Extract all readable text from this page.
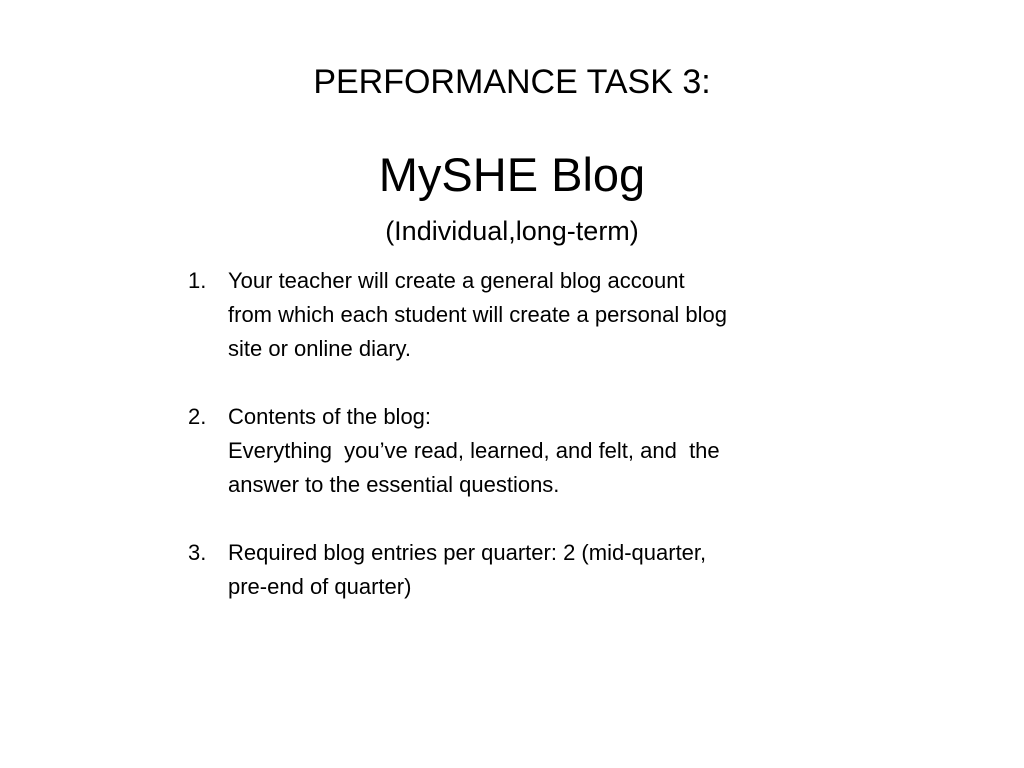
PERFORMANCE TASK 3:
MySHE Blog
(Individual,long-term)
1. Your teacher will create a general blog account
from which each student will create a personal blog
site or online diary.
2. Contents of the blog:
Everything  you’ve read, learned, and felt, and  the
answer to the essential questions.
3. Required blog entries per quarter: 2 (mid-quarter,
pre-end of quarter)
